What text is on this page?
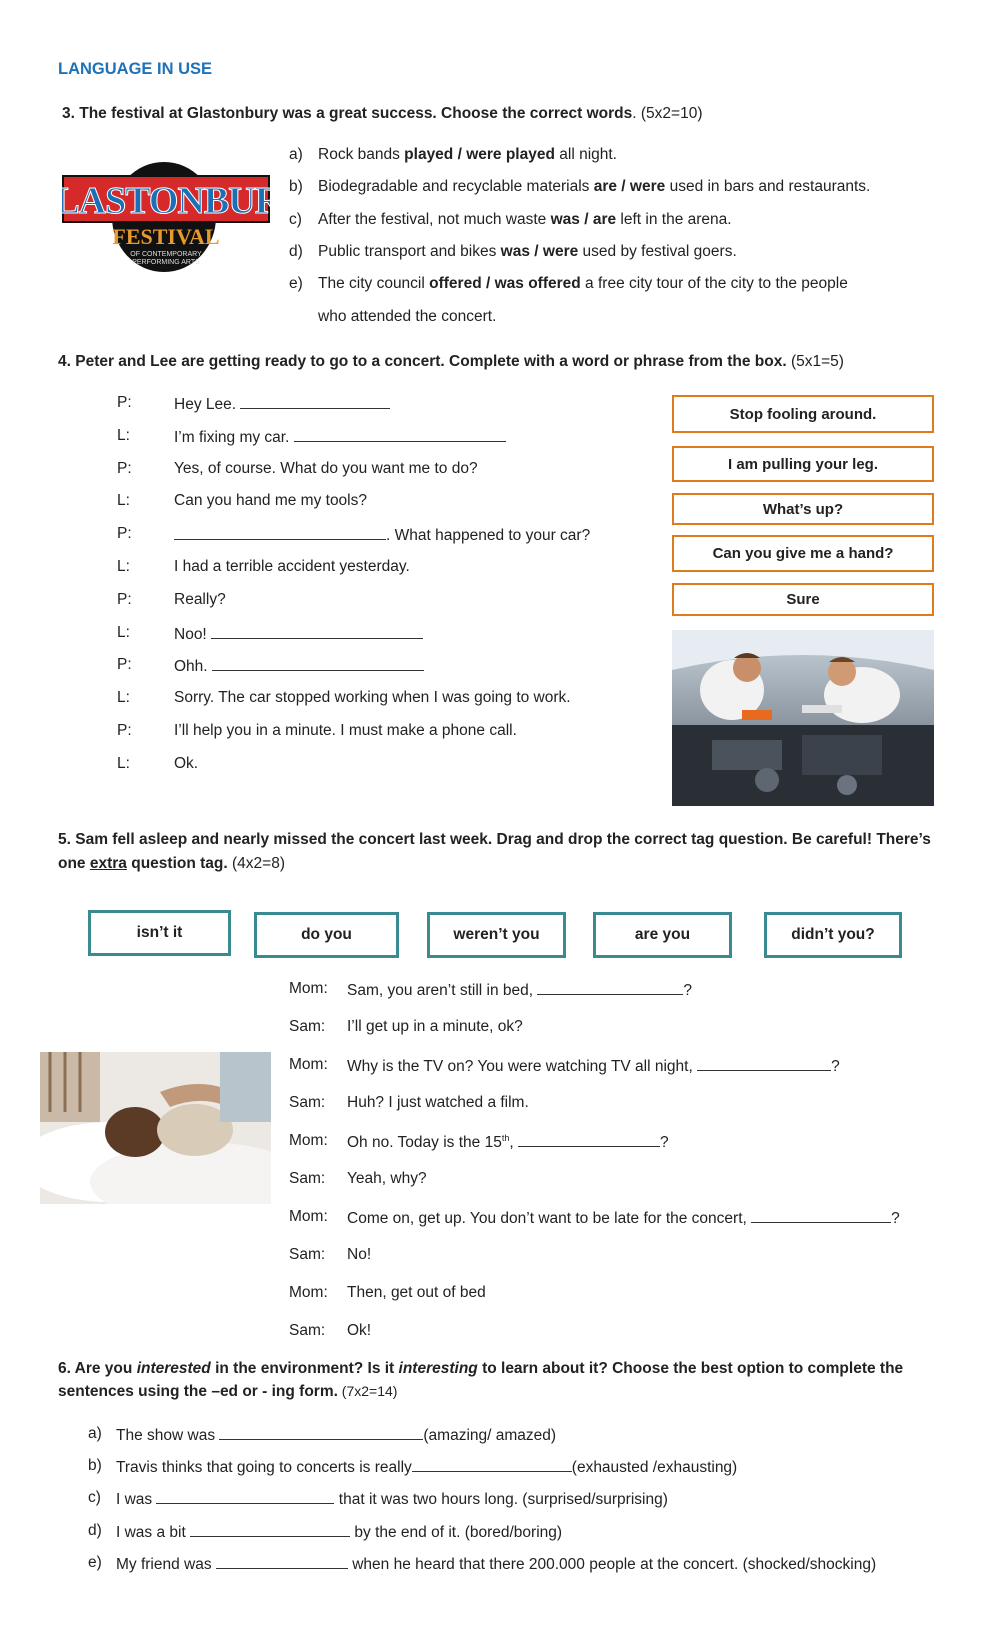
LANGUAGE IN USE
3. The festival at Glastonbury was a great success. Choose the correct words. (5x2=10)
LASTONBUR
FESTIVAL
OF CONTEMPORARY
PERFORMING ARTS
a) Rock bands played / were played all night.
b) Biodegradable and recyclable materials are / were used in bars and restaurants.
c) After the festival, not much waste was / are left in the arena.
d) Public transport and bikes was / were used by festival goers.
e) The city council offered / was offered a free city tour of the city to the people
who attended the concert.
4. Peter and Lee are getting ready to go to a concert. Complete with a word or phrase from the box. (5x1=5)
P:	Hey Lee.
L:	I’m fixing my car.
P:	Yes, of course. What do you want me to do?
L:	Can you hand me my tools?
P:	. What happened to your car?
L:	I had a terrible accident yesterday.
P:	Really?
L:	Noo!
P:	Ohh.
L:	Sorry. The car stopped working when I was going to work.
P:	I’ll help you in a minute. I must make a phone call.
L:	Ok.
Stop fooling around.
I am pulling your leg.
What’s up?
Can you give me a hand?
Sure
5. Sam fell asleep and nearly missed the concert last week. Drag and drop the correct tag question. Be careful! There’s
one extra question tag. (4x2=8)
isn’t it	do you	weren’t you	are you	didn’t you?
Mom: Sam, you aren’t still in bed,	?
Sam: I’ll get up in a minute, ok?
Mom: Why is the TV on? You were watching TV all night,	?
Sam: Huh? I just watched a film.
Mom: Oh no. Today is the 15th,	?
Sam: Yeah, why?
Mom: Come on, get up. You don’t want to be late for the concert,	?
Sam: No!
Mom: Then, get out of bed
Sam: Ok!
6. Are you interested in the environment? Is it interesting to learn about it? Choose the best option to complete the
sentences using the –ed or - ing form. (7x2=14)
a) The show was	(amazing/ amazed)
b) Travis thinks that going to concerts is really	(exhausted /exhausting)
c) I was	that it was two hours long. (surprised/surprising)
d) I was a bit	by the end of it. (bored/boring)
e) My friend was	when he heard that there 200.000 people at the concert. (shocked/shocking)
